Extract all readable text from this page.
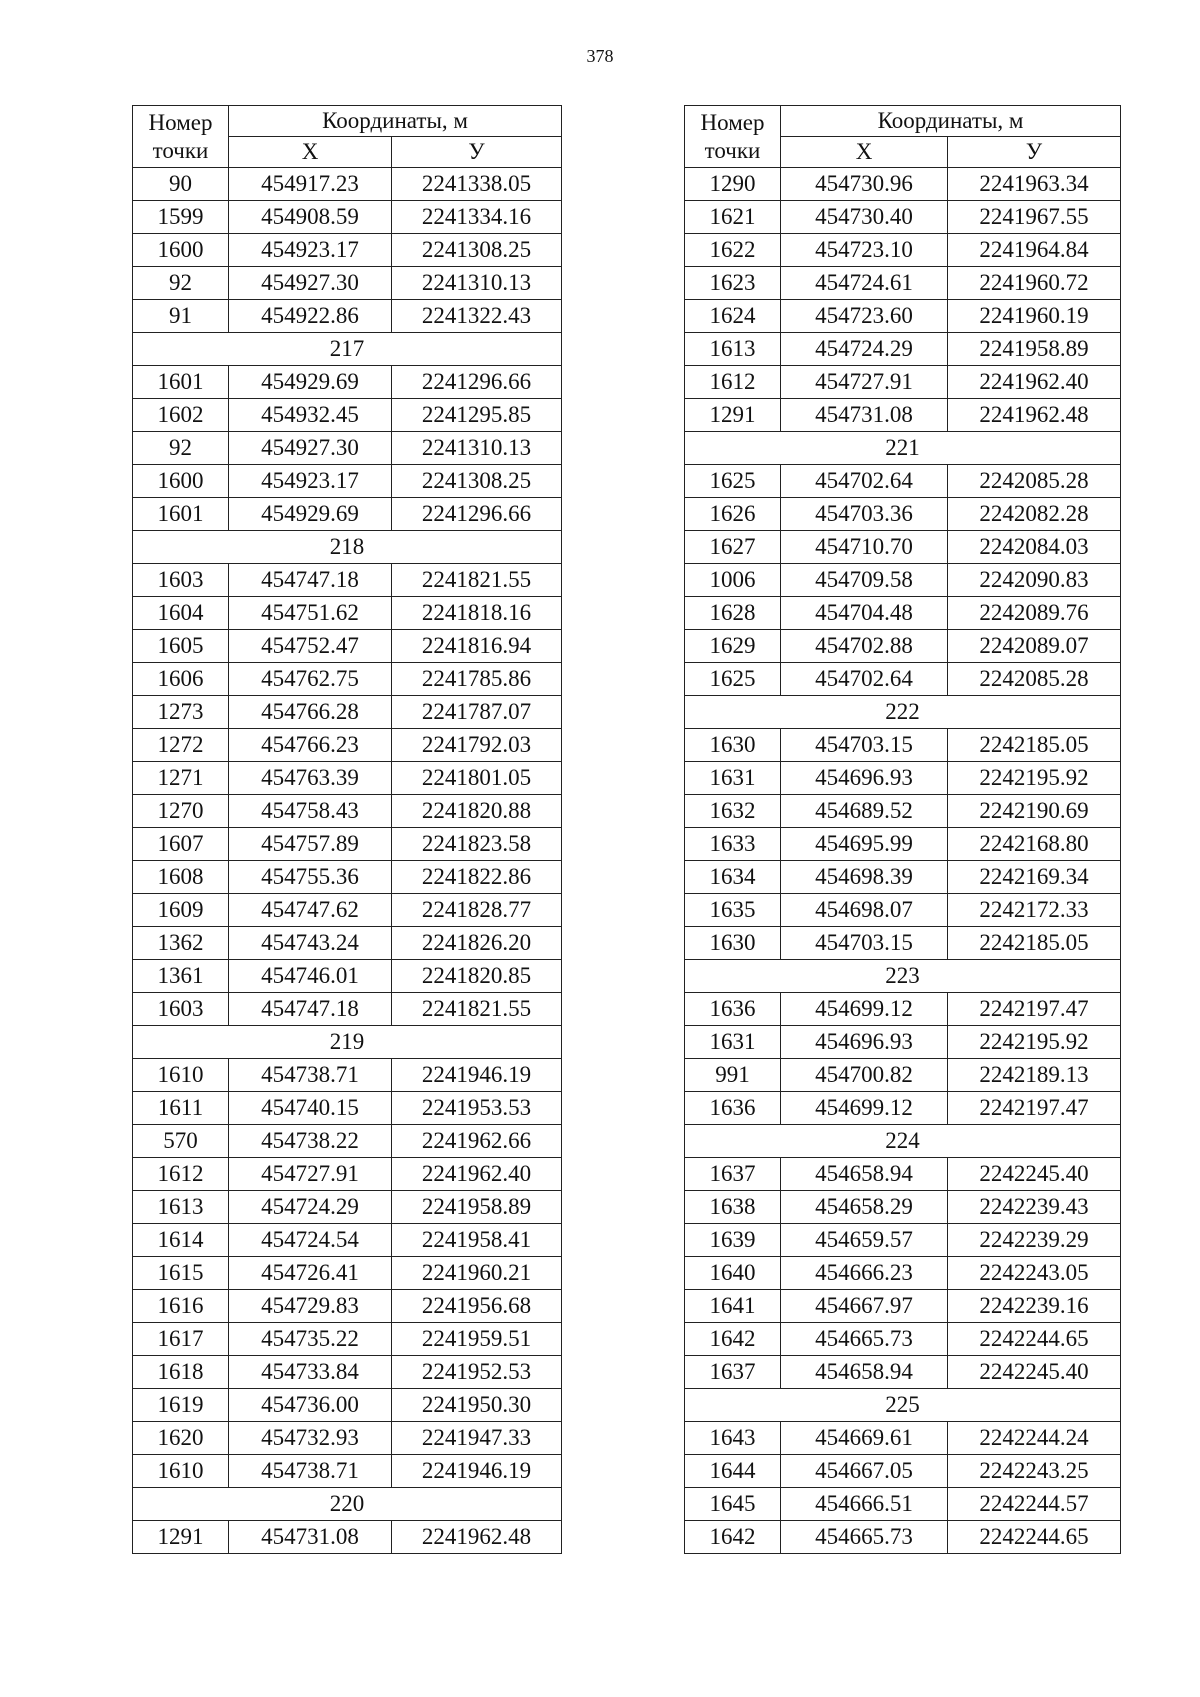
378
Номер
точки	Координаты, м	
	X	У
90	454917.23	2241338.05
1599	454908.59	2241334.16
1600	454923.17	2241308.25
92	454927.30	2241310.13
91	454922.86	2241322.43
217		
1601	454929.69	2241296.66
1602	454932.45	2241295.85
92	454927.30	2241310.13
1600	454923.17	2241308.25
1601	454929.69	2241296.66
218		
1603	454747.18	2241821.55
1604	454751.62	2241818.16
1605	454752.47	2241816.94
1606	454762.75	2241785.86
1273	454766.28	2241787.07
1272	454766.23	2241792.03
1271	454763.39	2241801.05
1270	454758.43	2241820.88
1607	454757.89	2241823.58
1608	454755.36	2241822.86
1609	454747.62	2241828.77
1362	454743.24	2241826.20
1361	454746.01	2241820.85
1603	454747.18	2241821.55
219		
1610	454738.71	2241946.19
1611	454740.15	2241953.53
570	454738.22	2241962.66
1612	454727.91	2241962.40
1613	454724.29	2241958.89
1614	454724.54	2241958.41
1615	454726.41	2241960.21
1616	454729.83	2241956.68
1617	454735.22	2241959.51
1618	454733.84	2241952.53
1619	454736.00	2241950.30
1620	454732.93	2241947.33
1610	454738.71	2241946.19
220		
1291	454731.08	2241962.48
Номер
точки	Координаты, м	
	X	У
1290	454730.96	2241963.34
1621	454730.40	2241967.55
1622	454723.10	2241964.84
1623	454724.61	2241960.72
1624	454723.60	2241960.19
1613	454724.29	2241958.89
1612	454727.91	2241962.40
1291	454731.08	2241962.48
221		
1625	454702.64	2242085.28
1626	454703.36	2242082.28
1627	454710.70	2242084.03
1006	454709.58	2242090.83
1628	454704.48	2242089.76
1629	454702.88	2242089.07
1625	454702.64	2242085.28
222		
1630	454703.15	2242185.05
1631	454696.93	2242195.92
1632	454689.52	2242190.69
1633	454695.99	2242168.80
1634	454698.39	2242169.34
1635	454698.07	2242172.33
1630	454703.15	2242185.05
223		
1636	454699.12	2242197.47
1631	454696.93	2242195.92
991	454700.82	2242189.13
1636	454699.12	2242197.47
224		
1637	454658.94	2242245.40
1638	454658.29	2242239.43
1639	454659.57	2242239.29
1640	454666.23	2242243.05
1641	454667.97	2242239.16
1642	454665.73	2242244.65
1637	454658.94	2242245.40
225		
1643	454669.61	2242244.24
1644	454667.05	2242243.25
1645	454666.51	2242244.57
1642	454665.73	2242244.65
